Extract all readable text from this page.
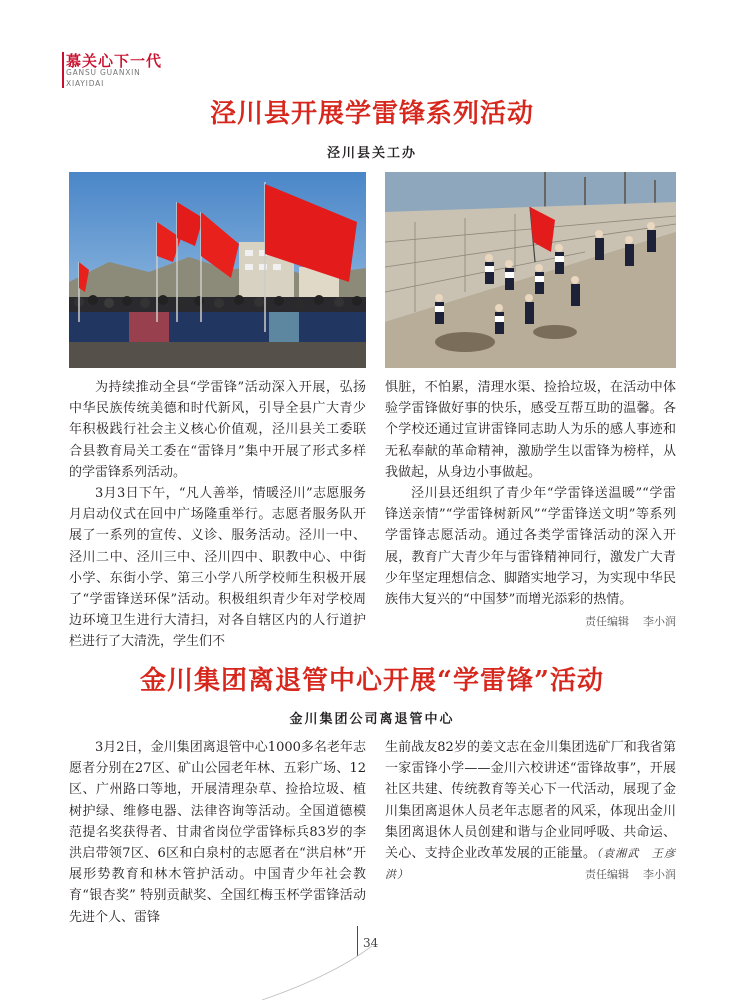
慕关心下一代
GANSU GUANXIN
XIAYIDAI
泾川县开展学雷锋系列活动
泾川县关工办

为持续推动全县“学雷锋”活动深入开展，弘扬中华民族传统美德和时代新风，引导全县广大青少年积极践行社会主义核心价值观，泾川县关工委联合县教育局关工委在“雷锋月”集中开展了形式多样的学雷锋系列活动。

3月3日下午，“凡人善举，情暖泾川”志愿服务月启动仪式在回中广场隆重举行。志愿者服务队开展了一系列的宣传、义诊、服务活动。泾川一中、泾川二中、泾川三中、泾川四中、职教中心、中街小学、东街小学、第三小学八所学校师生积极开展了“学雷锋送环保”活动。积极组织青少年对学校周边环境卫生进行大清扫，对各自辖区内的人行道护栏进行了大清洗，学生们不

惧脏，不怕累，清理水渠、捡拾垃圾，在活动中体验学雷锋做好事的快乐，感受互帮互助的温馨。各个学校还通过宣讲雷锋同志助人为乐的感人事迹和无私奉献的革命精神，激励学生以雷锋为榜样，从我做起，从身边小事做起。

泾川县还组织了青少年“学雷锋送温暖”“学雷锋送亲情”“学雷锋树新风”“学雷锋送文明”等系列学雷锋志愿活动。通过各类学雷锋活动的深入开展，教育广大青少年与雷锋精神同行，激发广大青少年坚定理想信念、脚踏实地学习，为实现中华民族伟大复兴的“中国梦”而增光添彩的热情。

责任编辑 李小润
金川集团离退管中心开展“学雷锋”活动
金川集团公司离退管中心

3月2日，金川集团离退管中心1000多名老年志愿者分别在27区、矿山公园老年林、五彩广场、12区、广州路口等地，开展清理杂草、捡拾垃圾、植树护绿、维修电器、法律咨询等活动。全国道德模范提名奖获得者、甘肃省岗位学雷锋标兵83岁的李洪启带领7区、6区和白泉村的志愿者在“洪启林”开展形势教育和林木管护活动。中国青少年社会教育“银杏奖” 特别贡献奖、全国红梅玉杯学雷锋活动先进个人、雷锋

生前战友82岁的姜文志在金川集团选矿厂和我省第一家雷锋小学——金川六校讲述“雷锋故事”，开展社区共建、传统教育等关心下一代活动，展现了金川集团离退休人员老年志愿者的风采，体现出金川集团离退休人员创建和谐与企业同呼吸、共命运、关心、支持企业改革发展的正能量。（袁湘武　王彦洪）	责任编辑 李小润
34
